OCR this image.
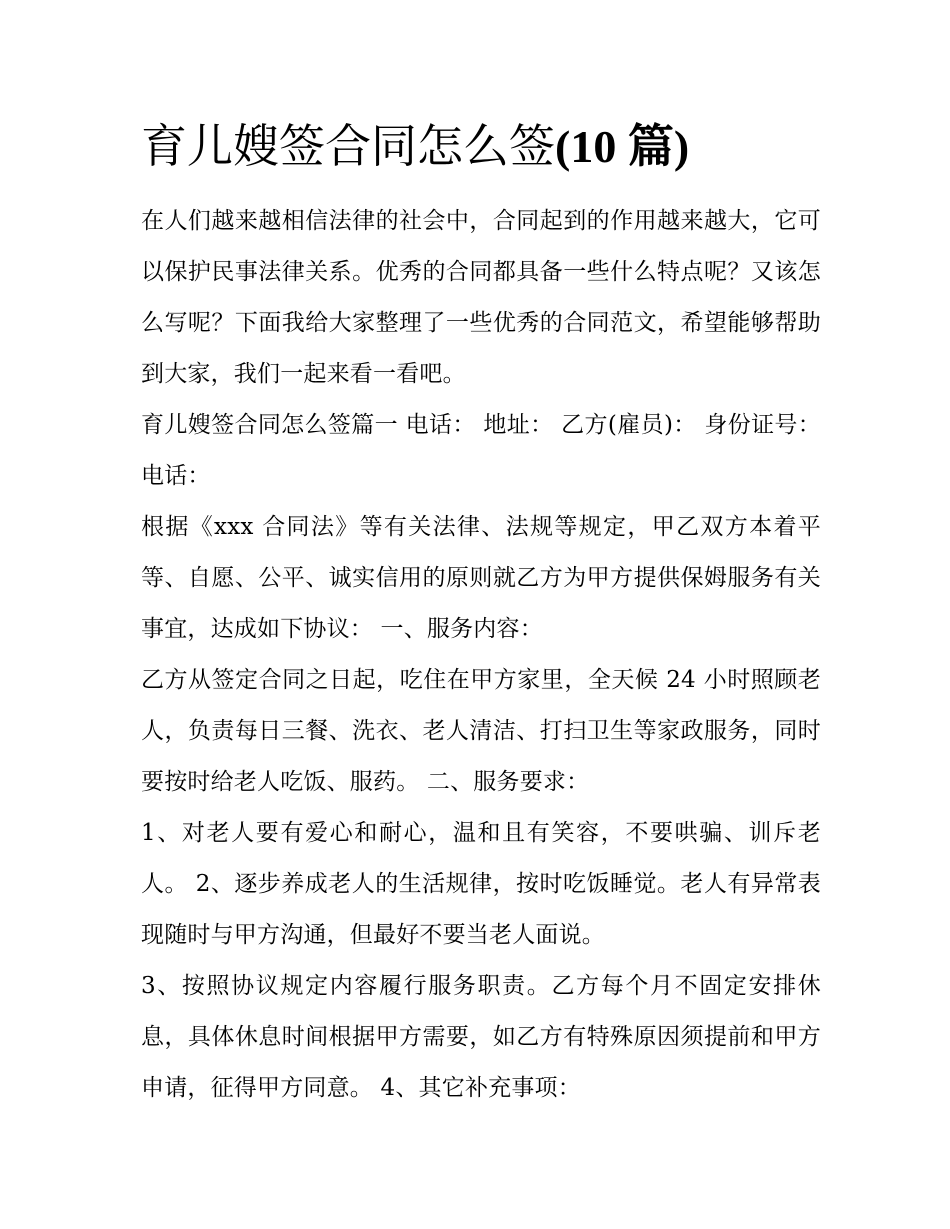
育儿嫂签合同怎么签(10 篇)

在人们越来越相信法律的社会中，合同起到的作用越来越大，它可以保护民事法律关系。优秀的合同都具备一些什么特点呢？又该怎么写呢？下面我给大家整理了一些优秀的合同范文，希望能够帮助到大家，我们一起来看一看吧。

育儿嫂签合同怎么签篇一 电话： 地址： 乙方(雇员)： 身份证号： 电话：

根据《xxx 合同法》等有关法律、法规等规定，甲乙双方本着平等、自愿、公平、诚实信用的原则就乙方为甲方提供保姆服务有关事宜，达成如下协议： 一、服务内容：

乙方从签定合同之日起，吃住在甲方家里，全天候 24 小时照顾老人，负责每日三餐、洗衣、老人清洁、打扫卫生等家政服务，同时要按时给老人吃饭、服药。 二、服务要求：

1、对老人要有爱心和耐心，温和且有笑容，不要哄骗、训斥老人。 2、逐步养成老人的生活规律，按时吃饭睡觉。老人有异常表现随时与甲方沟通，但最好不要当老人面说。

3、按照协议规定内容履行服务职责。乙方每个月不固定安排休息，具体休息时间根据甲方需要，如乙方有特殊原因须提前和甲方申请，征得甲方同意。 4、其它补充事项：
